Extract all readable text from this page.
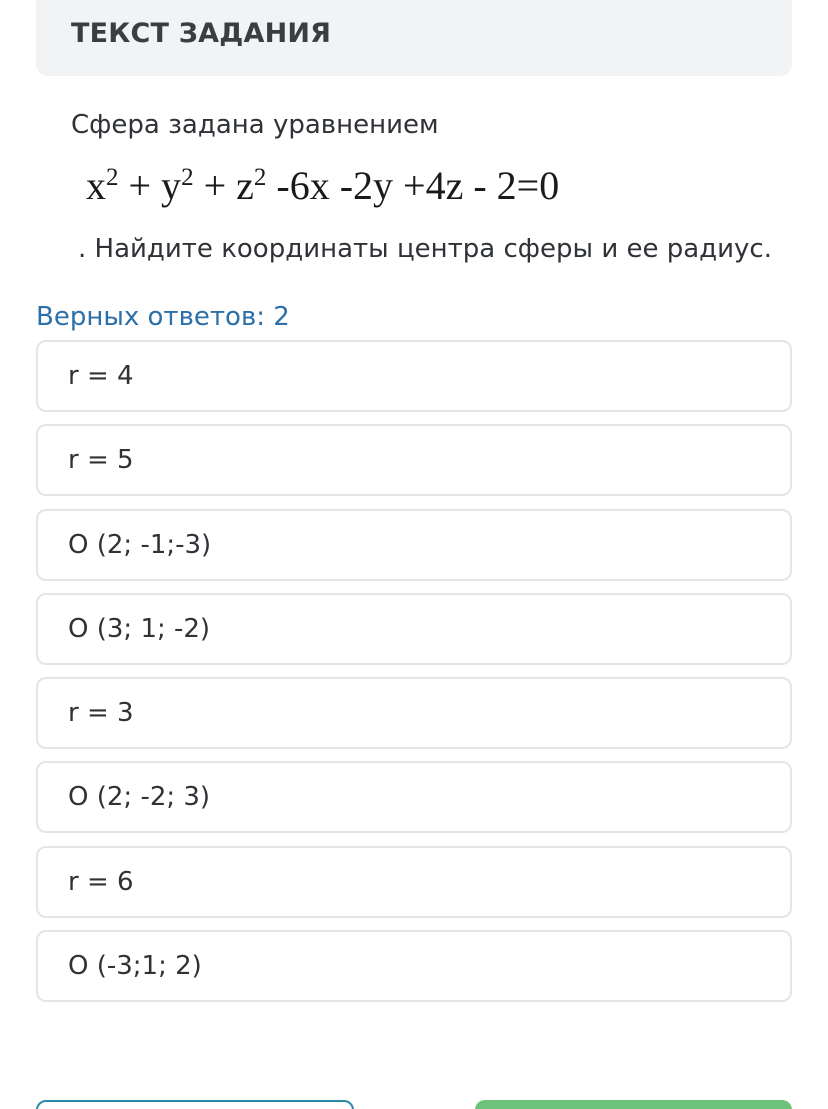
ТЕКСТ ЗАДАНИЯ
Сфера задана уравнением
$x^2 + y^2 + z^2$ -6x -2y +4z - 2=0
. Найдите координаты центра сферы и ее радиус.
Верных ответов: 2
r = 4
r = 5
О (2; -1;-3)
О (3; 1; -2)
r = 3
О (2; -2; 3)
r = 6
О (-3;1; 2)
